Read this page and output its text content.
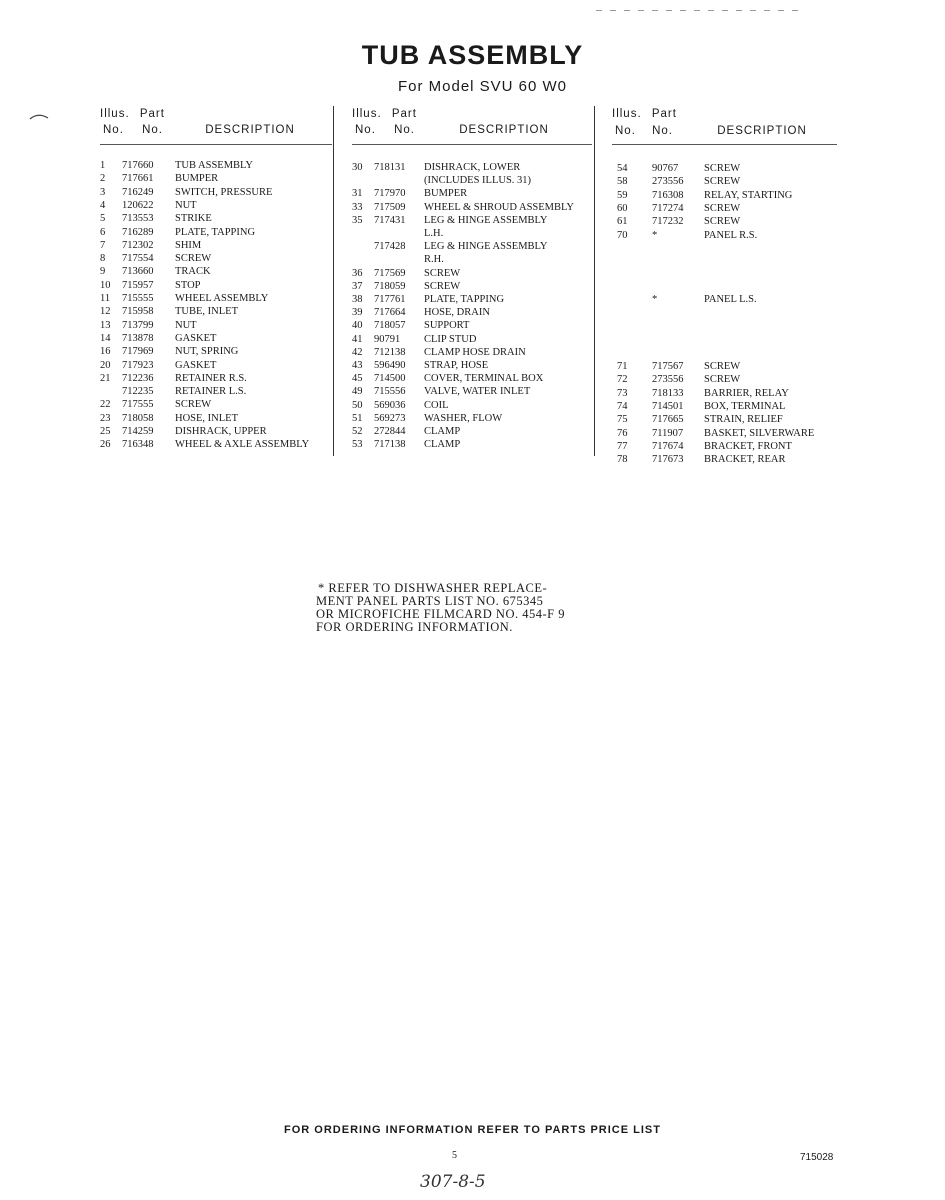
TUB ASSEMBLY
For Model SVU 60 W0
Illus. Part
No. No.	DESCRIPTION
1 717660 TUB ASSEMBLY
2 717661 BUMPER
3 716249 SWITCH, PRESSURE
4 120622 NUT
5 713553 STRIKE
6 716289 PLATE, TAPPING
7 712302 SHIM
8 717554 SCREW
9 713660 TRACK
10 715957 STOP
11 715555 WHEEL ASSEMBLY
12 715958 TUBE, INLET
13 713799 NUT
14 713878 GASKET
16 717969 NUT, SPRING
20 717923 GASKET
21 712236 RETAINER R.S.
712235 RETAINER L.S.
22 717555 SCREW
23 718058 HOSE, INLET
25 714259 DISHRACK, UPPER
26 716348 WHEEL & AXLE ASSEMBLY
Illus. Part
No. No.	DESCRIPTION
30 718131 DISHRACK, LOWER
(INCLUDES ILLUS. 31)
31 717970 BUMPER
33 717509 WHEEL & SHROUD ASSEMBLY
35 717431 LEG & HINGE ASSEMBLY
L.H.
717428 LEG & HINGE ASSEMBLY
R.H.
36 717569 SCREW
37 718059 SCREW
38 717761 PLATE, TAPPING
39 717664 HOSE, DRAIN
40 718057 SUPPORT
41 90791 CLIP STUD
42 712138 CLAMP HOSE DRAIN
43 596490 STRAP, HOSE
45 714500 COVER, TERMINAL BOX
49 715556 VALVE, WATER INLET
50 569036 COIL
51 569273 WASHER, FLOW
52 272844 CLAMP
53 717138 CLAMP
Illus. Part
No. No.	DESCRIPTION
54 90767 SCREW
58 273556 SCREW
59 716308 RELAY, STARTING
60 717274 SCREW
61 717232 SCREW
70 *	PANEL R.S.
*	PANEL L.S.
71 717567 SCREW
72 273556 SCREW
73 718133 BARRIER, RELAY
74 714501 BOX, TERMINAL
75 717665 STRAIN, RELIEF
76 711907 BASKET, SILVERWARE
77 717674 BRACKET, FRONT
78 717673 BRACKET, REAR
* REFER TO DISHWASHER REPLACE-
MENT PANEL PARTS LIST NO. 675345
OR MICROFICHE FILMCARD NO. 454-F 9
FOR ORDERING INFORMATION.
FOR ORDERING INFORMATION REFER TO PARTS PRICE LIST
5	715028
307-8-5
